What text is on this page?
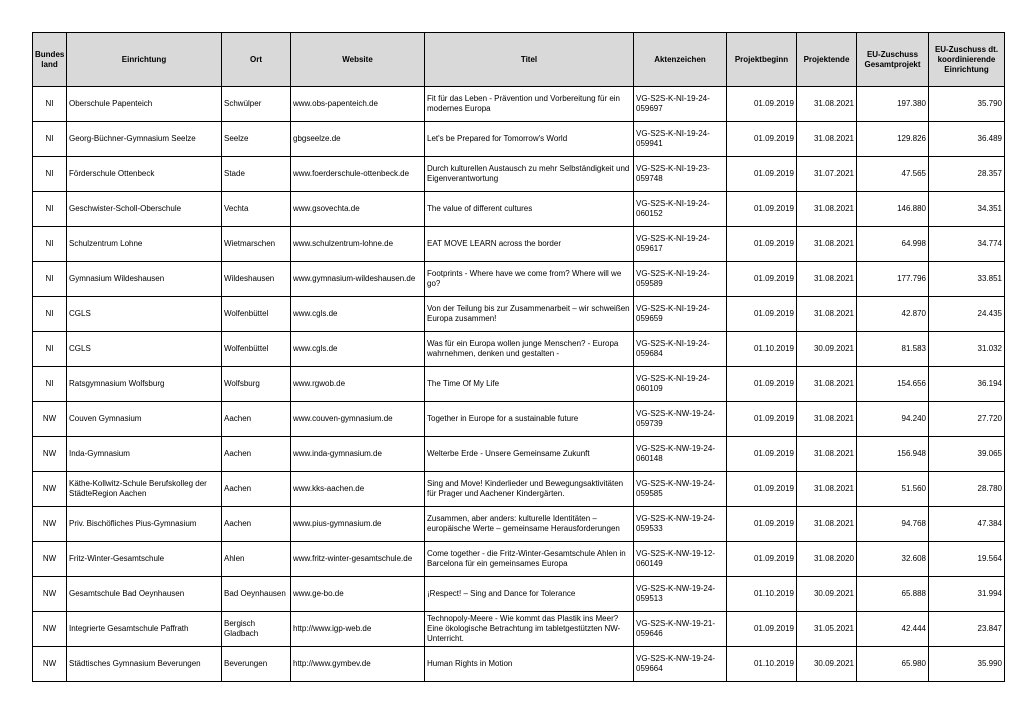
Bundes land	Einrichtung	Ort	Website	Titel	Aktenzeichen	Projektbeginn	Projektende	EU-Zuschuss Gesamtprojekt	EU-Zuschuss dt. koordinierende Einrichtung
NI	Oberschule Papenteich	Schwülper	www.obs-papenteich.de	Fit für das Leben - Prävention und Vorbereitung für ein modernes Europa	VG-S2S-K-NI-19-24-059697	01.09.2019	31.08.2021	197.380	35.790
NI	Georg-Büchner-Gymnasium Seelze	Seelze	gbgseelze.de	Let's be Prepared for Tomorrow's World	VG-S2S-K-NI-19-24-059941	01.09.2019	31.08.2021	129.826	36.489
NI	Förderschule Ottenbeck	Stade	www.foerderschule-ottenbeck.de	Durch kulturellen Austausch zu mehr Selbständigkeit und Eigenverantwortung	VG-S2S-K-NI-19-23-059748	01.09.2019	31.07.2021	47.565	28.357
NI	Geschwister-Scholl-Oberschule	Vechta	www.gsovechta.de	The value of different cultures	VG-S2S-K-NI-19-24-060152	01.09.2019	31.08.2021	146.880	34.351
NI	Schulzentrum Lohne	Wietmarschen	www.schulzentrum-lohne.de	EAT MOVE LEARN across the border	VG-S2S-K-NI-19-24-059617	01.09.2019	31.08.2021	64.998	34.774
NI	Gymnasium Wildeshausen	Wildeshausen	www.gymnasium-wildeshausen.de	Footprints - Where have we come from? Where will we go?	VG-S2S-K-NI-19-24-059589	01.09.2019	31.08.2021	177.796	33.851
NI	CGLS	Wolfenbüttel	www.cgls.de	Von der Teilung bis zur Zusammenarbeit – wir schweißen Europa zusammen!	VG-S2S-K-NI-19-24-059659	01.09.2019	31.08.2021	42.870	24.435
NI	CGLS	Wolfenbüttel	www.cgls.de	Was für ein Europa wollen junge Menschen? - Europa wahrnehmen, denken und gestalten -	VG-S2S-K-NI-19-24-059684	01.10.2019	30.09.2021	81.583	31.032
NI	Ratsgymnasium Wolfsburg	Wolfsburg	www.rgwob.de	The Time Of My Life	VG-S2S-K-NI-19-24-060109	01.09.2019	31.08.2021	154.656	36.194
NW	Couven Gymnasium	Aachen	www.couven-gymnasium.de	Together in Europe for a sustainable future	VG-S2S-K-NW-19-24-059739	01.09.2019	31.08.2021	94.240	27.720
NW	Inda-Gymnasium	Aachen	www.inda-gymnasium.de	Welterbe Erde - Unsere Gemeinsame Zukunft	VG-S2S-K-NW-19-24-060148	01.09.2019	31.08.2021	156.948	39.065
NW	Käthe-Kollwitz-Schule Berufskolleg der StädteRegion Aachen	Aachen	www.kks-aachen.de	Sing and Move! Kinderlieder und Bewegungsaktivitäten für Prager und Aachener Kindergärten.	VG-S2S-K-NW-19-24-059585	01.09.2019	31.08.2021	51.560	28.780
NW	Priv. Bischöfliches Pius-Gymnasium	Aachen	www.pius-gymnasium.de	Zusammen, aber anders: kulturelle Identitäten – europäische Werte – gemeinsame Herausforderungen	VG-S2S-K-NW-19-24-059533	01.09.2019	31.08.2021	94.768	47.384
NW	Fritz-Winter-Gesamtschule	Ahlen	www.fritz-winter-gesamtschule.de	Come together - die Fritz-Winter-Gesamtschule Ahlen in Barcelona für ein gemeinsames Europa	VG-S2S-K-NW-19-12-060149	01.09.2019	31.08.2020	32.608	19.564
NW	Gesamtschule Bad Oeynhausen	Bad Oeynhausen	www.ge-bo.de	¡Respect! – Sing and Dance for Tolerance	VG-S2S-K-NW-19-24-059513	01.10.2019	30.09.2021	65.888	31.994
NW	Integrierte Gesamtschule Paffrath	Bergisch Gladbach	http://www.igp-web.de	Technopoly-Meere - Wie kommt das Plastik ins Meer? Eine ökologische Betrachtung im tabletgestützten NW-Unterricht.	VG-S2S-K-NW-19-21-059646	01.09.2019	31.05.2021	42.444	23.847
NW	Städtisches Gymnasium Beverungen	Beverungen	http://www.gymbev.de	Human Rights in Motion	VG-S2S-K-NW-19-24-059664	01.10.2019	30.09.2021	65.980	35.990
